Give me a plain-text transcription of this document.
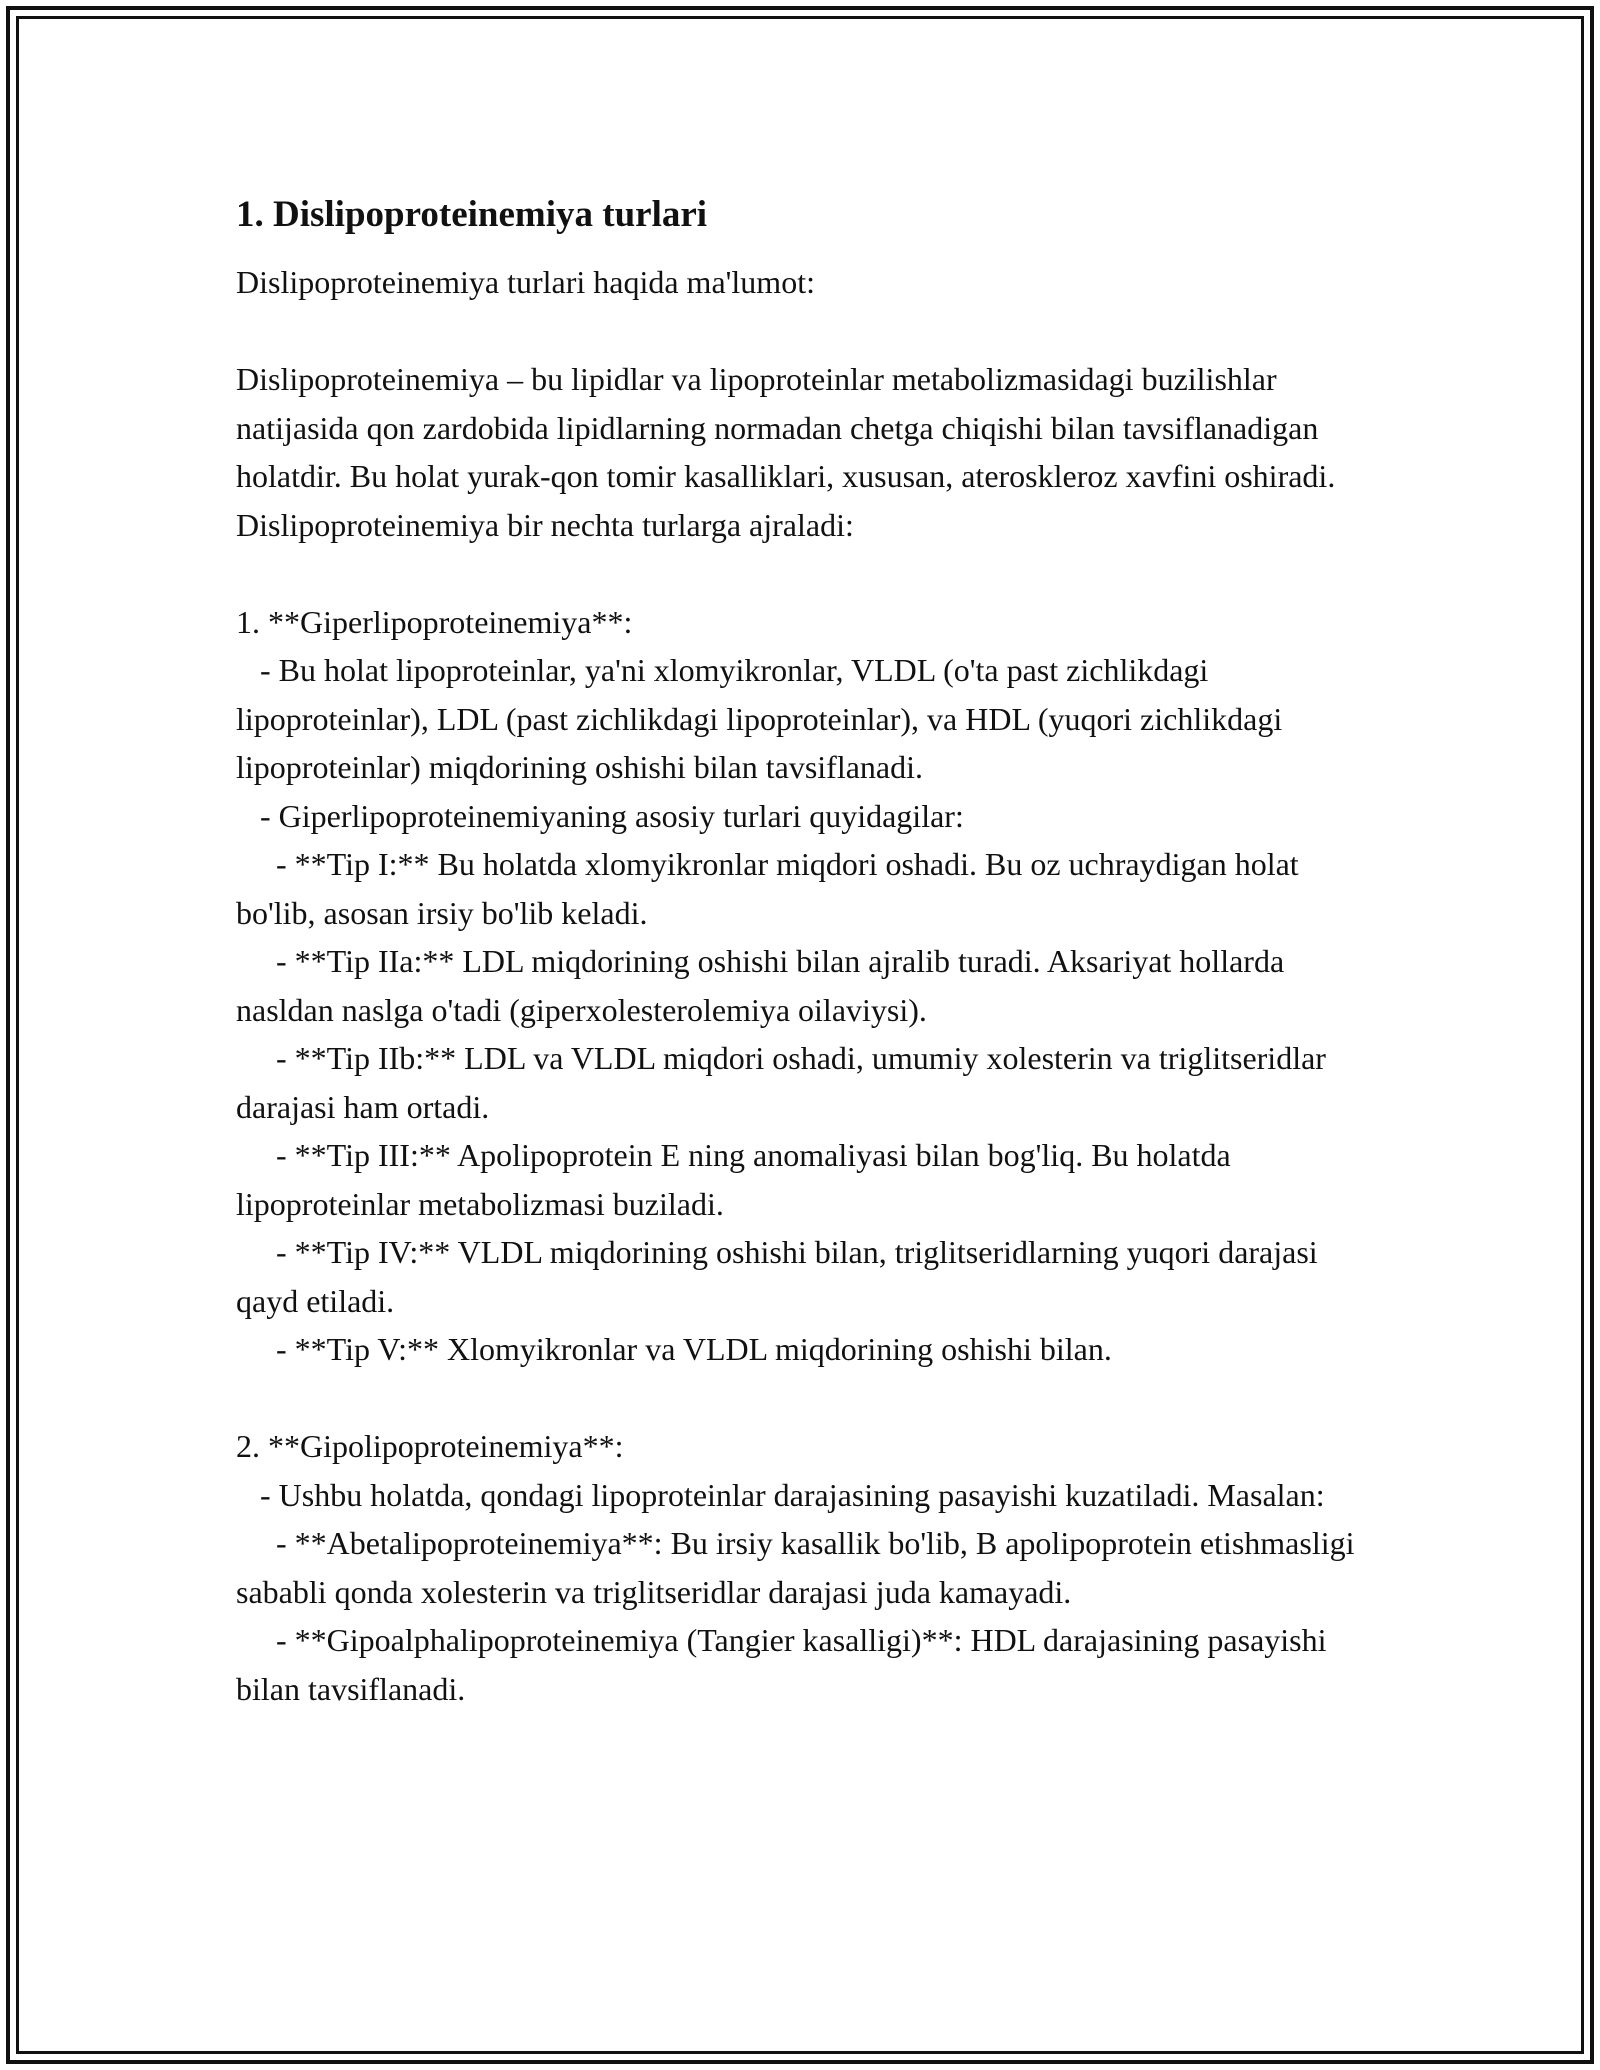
1. Dislipoproteinemiya turlari

Dislipoproteinemiya turlari haqida ma'lumot:

Dislipoproteinemiya – bu lipidlar va lipoproteinlar metabolizmasidagi buzilishlar natijasida qon zardobida lipidlarning normadan chetga chiqishi bilan tavsiflanadigan holatdir. Bu holat yurak-qon tomir kasalliklari, xususan, ateroskleroz xavfini oshiradi. Dislipoproteinemiya bir nechta turlarga ajraladi:

1. **Giperlipoproteinemiya**:

- Bu holat lipoproteinlar, ya'ni xlomyikronlar, VLDL (o'ta past zichlikdagi lipoproteinlar), LDL (past zichlikdagi lipoproteinlar), va HDL (yuqori zichlikdagi lipoproteinlar) miqdorining oshishi bilan tavsiflanadi.

- Giperlipoproteinemiyaning asosiy turlari quyidagilar:

- **Tip I:** Bu holatda xlomyikronlar miqdori oshadi. Bu oz uchraydigan holat bo'lib, asosan irsiy bo'lib keladi.

- **Tip IIa:** LDL miqdorining oshishi bilan ajralib turadi. Aksariyat hollarda nasldan naslga o'tadi (giperxolesterolemiya oilaviysi).

- **Tip IIb:** LDL va VLDL miqdori oshadi, umumiy xolesterin va triglitseridlar darajasi ham ortadi.

- **Tip III:** Apolipoprotein E ning anomaliyasi bilan bog'liq. Bu holatda lipoproteinlar metabolizmasi buziladi.

- **Tip IV:** VLDL miqdorining oshishi bilan, triglitseridlarning yuqori darajasi qayd etiladi.

- **Tip V:** Xlomyikronlar va VLDL miqdorining oshishi bilan.

2. **Gipolipoproteinemiya**:

- Ushbu holatda, qondagi lipoproteinlar darajasining pasayishi kuzatiladi. Masalan:

- **Abetalipoproteinemiya**: Bu irsiy kasallik bo'lib, B apolipoprotein etishmasligi sababli qonda xolesterin va triglitseridlar darajasi juda kamayadi.

- **Gipoalphalipoproteinemiya (Tangier kasalligi)**: HDL darajasining pasayishi bilan tavsiflanadi.
